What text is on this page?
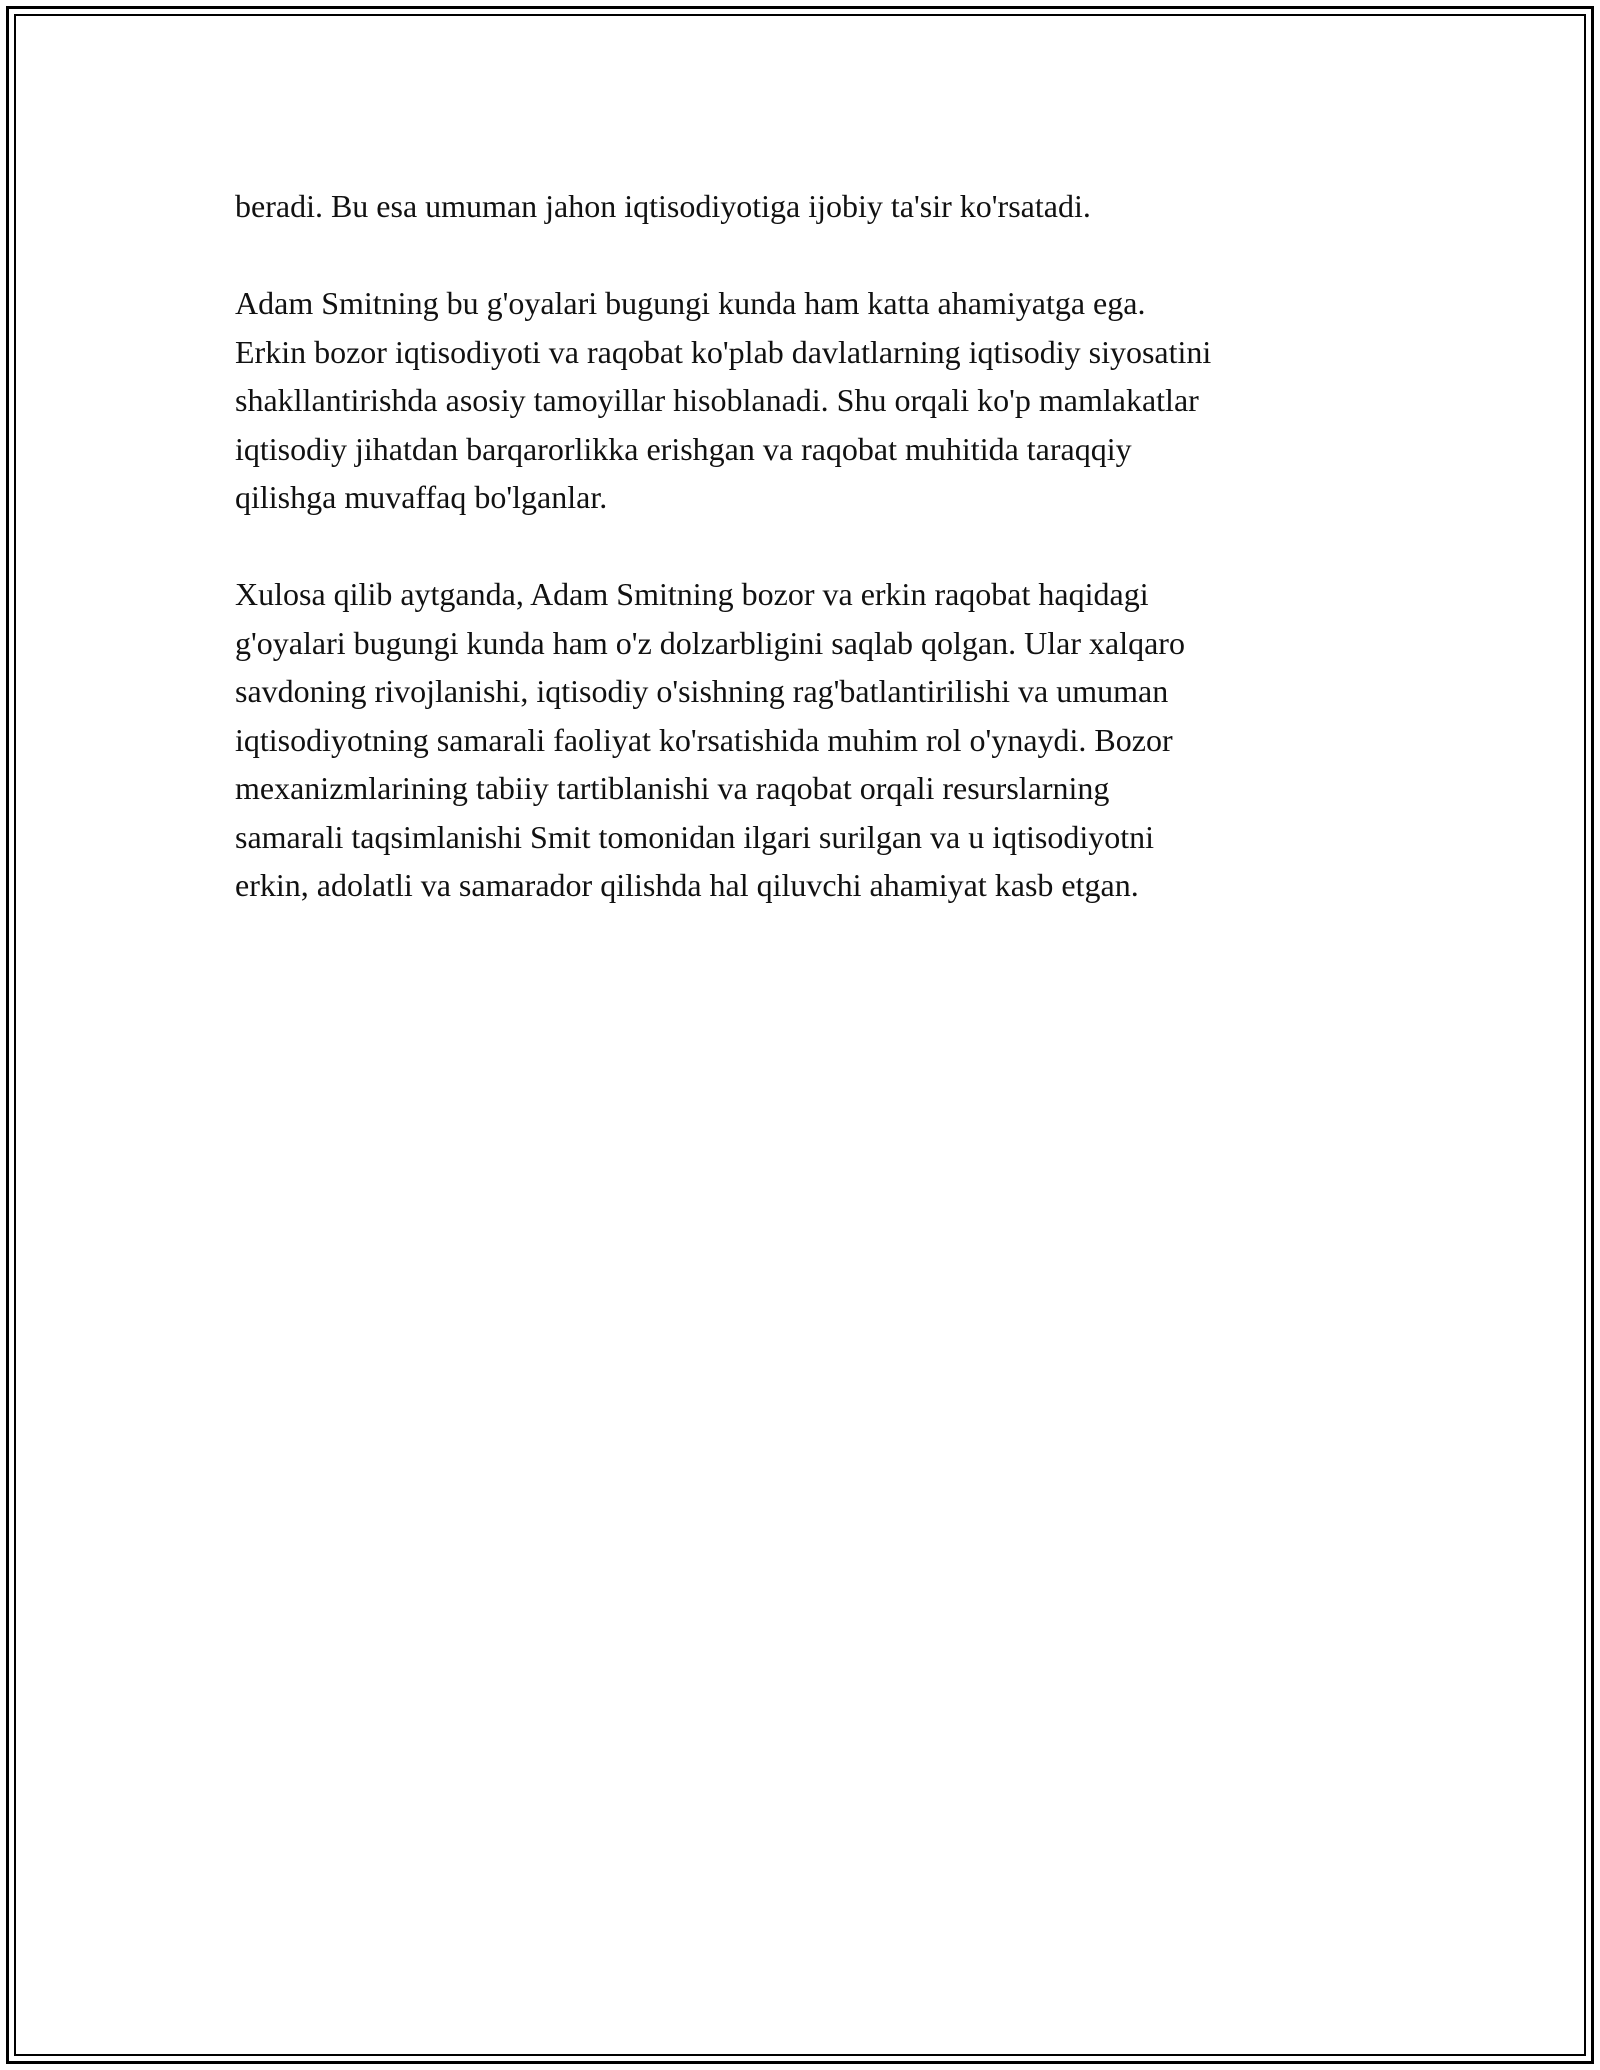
beradi. Bu esa umuman jahon iqtisodiyotiga ijobiy ta'sir ko'rsatadi.

Adam Smitning bu g'oyalari bugungi kunda ham katta ahamiyatga ega.
Erkin bozor iqtisodiyoti va raqobat ko'plab davlatlarning iqtisodiy siyosatini
shakllantirishda asosiy tamoyillar hisoblanadi. Shu orqali ko'p mamlakatlar
iqtisodiy jihatdan barqarorlikka erishgan va raqobat muhitida taraqqiy
qilishga muvaffaq bo'lganlar.

Xulosa qilib aytganda, Adam Smitning bozor va erkin raqobat haqidagi
g'oyalari bugungi kunda ham o'z dolzarbligini saqlab qolgan. Ular xalqaro
savdoning rivojlanishi, iqtisodiy o'sishning rag'batlantirilishi va umuman
iqtisodiyotning samarali faoliyat ko'rsatishida muhim rol o'ynaydi. Bozor
mexanizmlarining tabiiy tartiblanishi va raqobat orqali resurslarning
samarali taqsimlanishi Smit tomonidan ilgari surilgan va u iqtisodiyotni
erkin, adolatli va samarador qilishda hal qiluvchi ahamiyat kasb etgan.
